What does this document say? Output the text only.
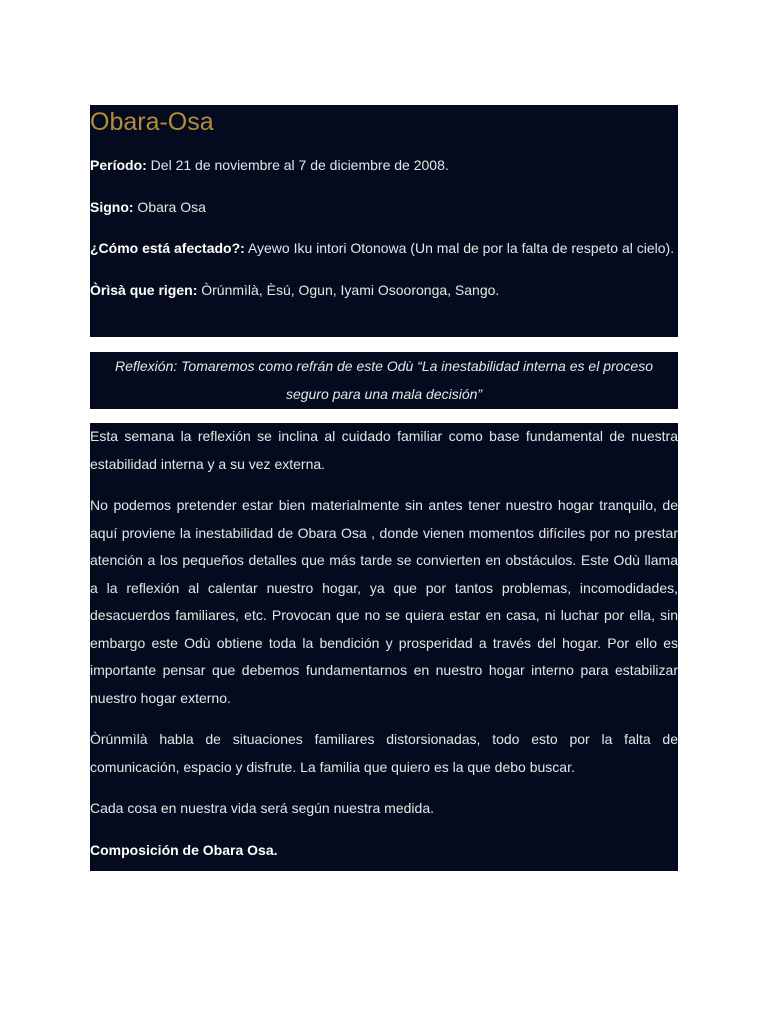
Obara-Osa

Período: Del 21 de noviembre al 7 de diciembre de 2008.

Signo: Obara Osa

¿Cómo está afectado?: Ayewo Iku intori Otonowa (Un mal de por la falta de respeto al cielo).

Òrìsà que rigen: Òrúnmìlà, Èsú, Ogun, Iyami Osooronga, Sango.

Reflexión: Tomaremos como refrán de este Odù “La inestabilidad interna es el proceso seguro para una mala decisión”

Esta semana la reflexión se inclina al cuidado familiar como base fundamental de nuestra estabilidad interna y a su vez externa.

No podemos pretender estar bien materialmente sin antes tener nuestro hogar tranquilo, de aquí proviene la inestabilidad de Obara Osa , donde vienen momentos difíciles por no prestar atención a los pequeños detalles que más tarde se convierten en obstáculos. Este Odù llama a la reflexión al calentar nuestro hogar, ya que por tantos problemas, incomodidades, desacuerdos familiares, etc. Provocan que no se quiera estar en casa, ni luchar por ella, sin embargo este Odù obtiene toda la bendición y prosperidad a través del hogar. Por ello es importante pensar que debemos fundamentarnos en nuestro hogar interno para estabilizar nuestro hogar externo.

Òrúnmìlà habla de situaciones familiares distorsionadas, todo esto por la falta de comunicación, espacio y disfrute. La familia que quiero es la que debo buscar.

Cada cosa en nuestra vida será según nuestra medida.

Composición de Obara Osa.
